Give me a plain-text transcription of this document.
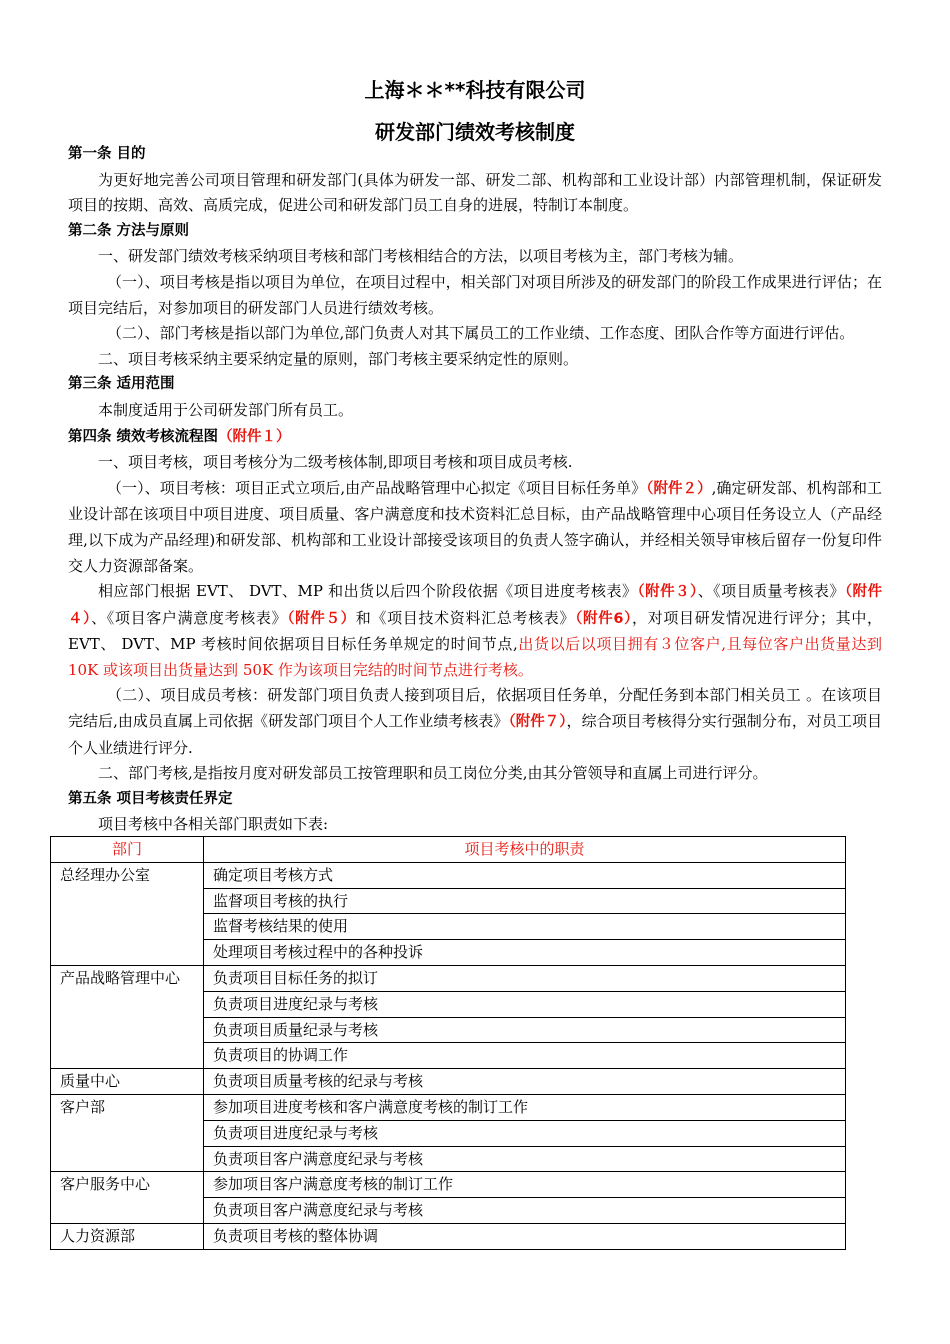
上海＊＊**科技有限公司
研发部门绩效考核制度

第一条 目的

为更好地完善公司项目管理和研发部门(具体为研发一部、研发二部、机构部和工业设计部）内部管理机制，保证研发项目的按期、高效、高质完成，促进公司和研发部门员工自身的进展，特制订本制度。

第二条 方法与原则

一、研发部门绩效考核采纳项目考核和部门考核相结合的方法，以项目考核为主，部门考核为辅。

（一）、项目考核是指以项目为单位，在项目过程中，相关部门对项目所涉及的研发部门的阶段工作成果进行评估；在项目完结后，对参加项目的研发部门人员进行绩效考核。

（二）、部门考核是指以部门为单位,部门负责人对其下属员工的工作业绩、工作态度、团队合作等方面进行评估。

二、项目考核采纳主要采纳定量的原则，部门考核主要采纳定性的原则。

第三条 适用范围

本制度适用于公司研发部门所有员工。

第四条 绩效考核流程图（附件１）

一、项目考核，项目考核分为二级考核体制,即项目考核和项目成员考核.

（一）、项目考核：项目正式立项后,由产品战略管理中心拟定《项目目标任务单》（附件２）,确定研发部、机构部和工业设计部在该项目中项目进度、项目质量、客户满意度和技术资料汇总目标，由产品战略管理中心项目任务设立人（产品经理,以下成为产品经理)和研发部、机构部和工业设计部接受该项目的负责人签字确认，并经相关领导审核后留存一份复印件交人力资源部备案。

相应部门根据 EVT、 DVT、MP 和出货以后四个阶段依据《项目进度考核表》（附件３）、《项目质量考核表》（附件４）、《项目客户满意度考核表》（附件５）和《项目技术资料汇总考核表》（附件6），对项目研发情况进行评分；其中，EVT、 DVT、MP 考核时间依据项目目标任务单规定的时间节点,出货以后以项目拥有３位客户,且每位客户出货量达到 10K 或该项目出货量达到 50K 作为该项目完结的时间节点进行考核。

（二）、项目成员考核：研发部门项目负责人接到项目后，依据项目任务单，分配任务到本部门相关员工 。在该项目完结后,由成员直属上司依据《研发部门项目个人工作业绩考核表》（附件７），综合项目考核得分实行强制分布，对员工项目个人业绩进行评分.

二、部门考核,是指按月度对研发部员工按管理职和员工岗位分类,由其分管领导和直属上司进行评分。

第五条 项目考核责任界定

项目考核中各相关部门职责如下表:

部门	项目考核中的职责
总经理办公室	确定项目考核方式
	监督项目考核的执行
	监督考核结果的使用
	处理项目考核过程中的各种投诉
产品战略管理中心	负责项目目标任务的拟订
	负责项目进度纪录与考核
	负责项目质量纪录与考核
	负责项目的协调工作
质量中心	负责项目质量考核的纪录与考核
客户部	参加项目进度考核和客户满意度考核的制订工作
	负责项目进度纪录与考核
	负责项目客户满意度纪录与考核
客户服务中心	参加项目客户满意度考核的制订工作
	负责项目客户满意度纪录与考核
人力资源部	负责项目考核的整体协调
